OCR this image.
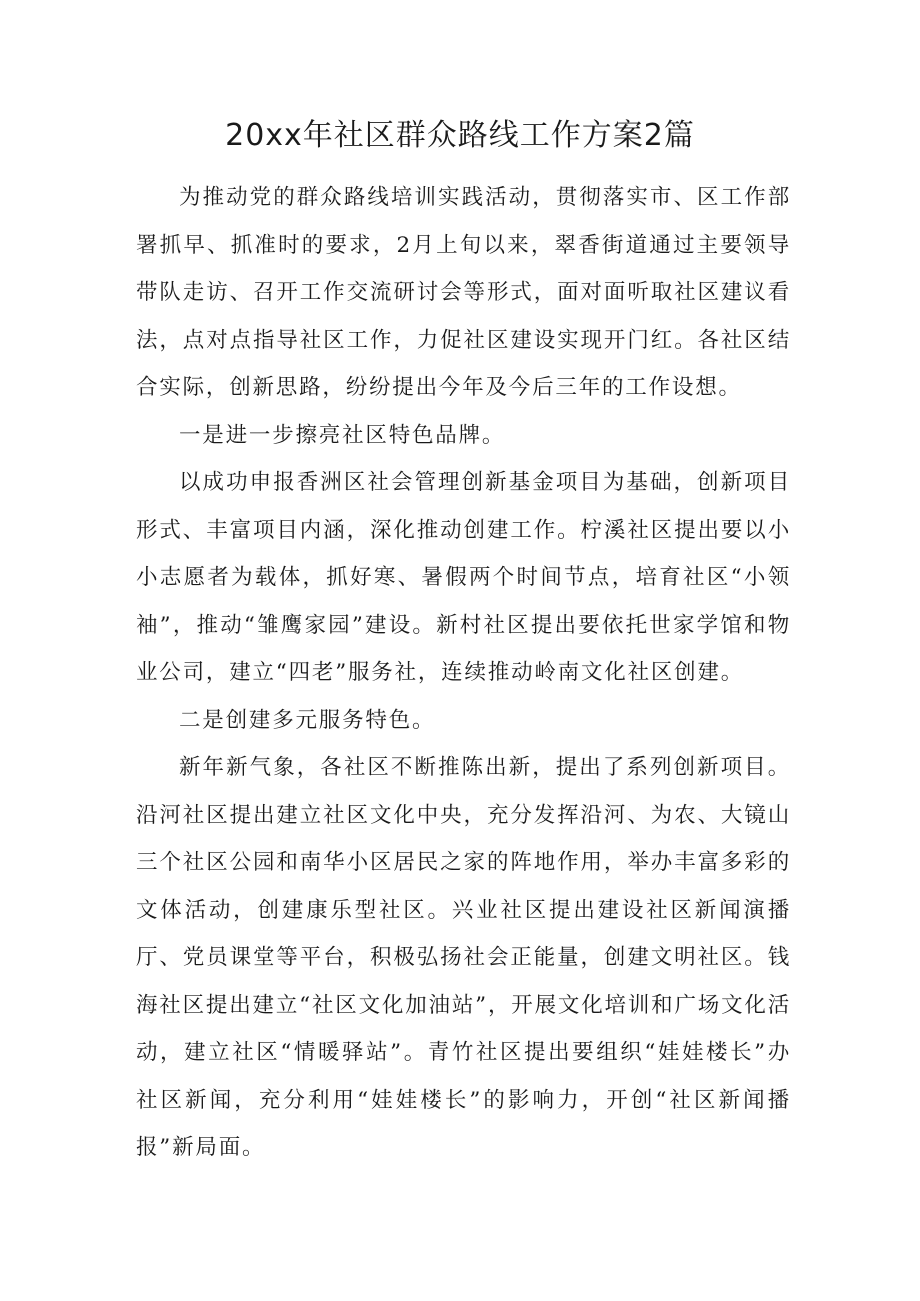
20xx年社区群众路线工作方案2篇

为推动党的群众路线培训实践活动，贯彻落实市、区工作部署抓早、抓准时的要求，2月上旬以来，翠香街道通过主要领导带队走访、召开工作交流研讨会等形式，面对面听取社区建议看法，点对点指导社区工作，力促社区建设实现开门红。各社区结合实际，创新思路，纷纷提出今年及今后三年的工作设想。

一是进一步擦亮社区特色品牌。

以成功申报香洲区社会管理创新基金项目为基础，创新项目形式、丰富项目内涵，深化推动创建工作。柠溪社区提出要以小小志愿者为载体，抓好寒、暑假两个时间节点，培育社区“小领袖”，推动“雏鹰家园”建设。新村社区提出要依托世家学馆和物业公司，建立“四老”服务社，连续推动岭南文化社区创建。

二是创建多元服务特色。

新年新气象，各社区不断推陈出新，提出了系列创新项目。沿河社区提出建立社区文化中央，充分发挥沿河、为农、大镜山三个社区公园和南华小区居民之家的阵地作用，举办丰富多彩的文体活动，创建康乐型社区。兴业社区提出建设社区新闻演播厅、党员课堂等平台，积极弘扬社会正能量，创建文明社区。钱海社区提出建立“社区文化加油站”，开展文化培训和广场文化活动，建立社区“情暖驿站”。青竹社区提出要组织“娃娃楼长”办社区新闻，充分利用“娃娃楼长”的影响力，开创“社区新闻播报”新局面。
